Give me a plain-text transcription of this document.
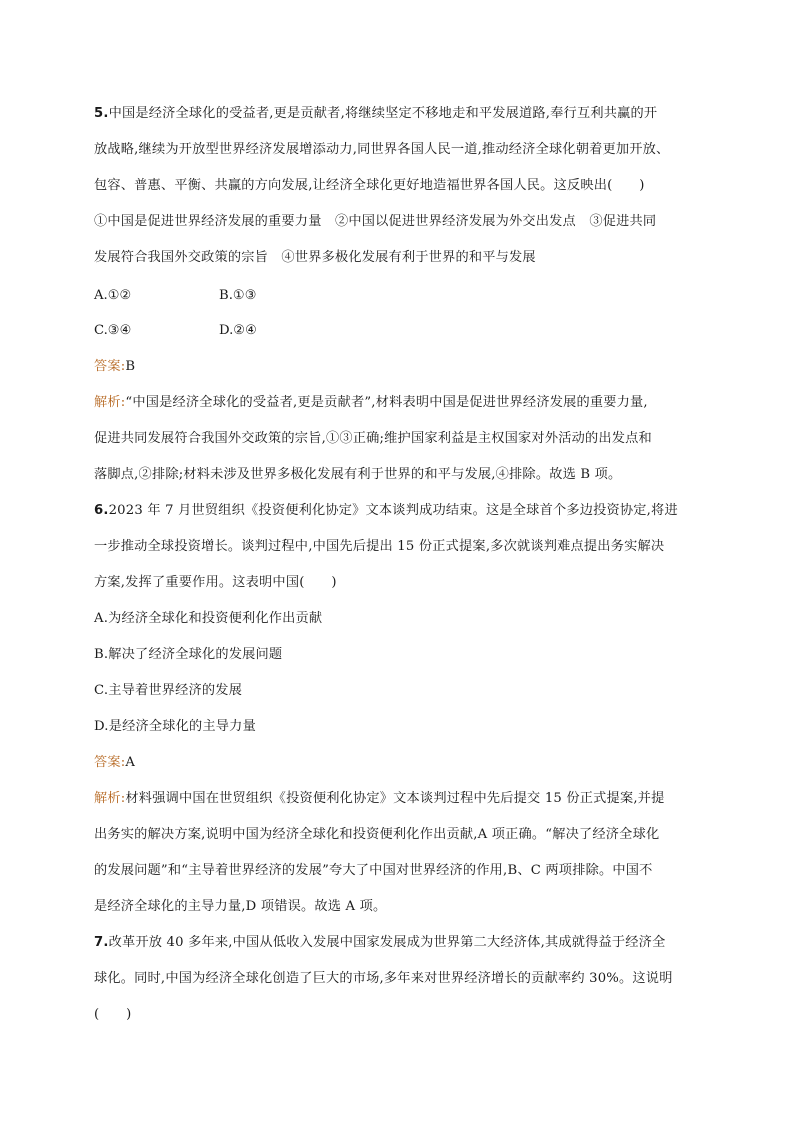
5.中国是经济全球化的受益者,更是贡献者,将继续坚定不移地走和平发展道路,奉行互利共赢的开
放战略,继续为开放型世界经济发展增添动力,同世界各国人民一道,推动经济全球化朝着更加开放、
包容、普惠、平衡、共赢的方向发展,让经济全球化更好地造福世界各国人民。这反映出(　　)
①中国是促进世界经济发展的重要力量　②中国以促进世界经济发展为外交出发点　③促进共同
发展符合我国外交政策的宗旨　④世界多极化发展有利于世界的和平与发展
A.①②	B.①③
C.③④	D.②④
答案:B
解析:“中国是经济全球化的受益者,更是贡献者”,材料表明中国是促进世界经济发展的重要力量,
促进共同发展符合我国外交政策的宗旨,①③正确;维护国家利益是主权国家对外活动的出发点和
落脚点,②排除;材料未涉及世界多极化发展有利于世界的和平与发展,④排除。故选 B 项。
6.2023 年 7 月世贸组织《投资便利化协定》文本谈判成功结束。这是全球首个多边投资协定,将进
一步推动全球投资增长。谈判过程中,中国先后提出 15 份正式提案,多次就谈判难点提出务实解决
方案,发挥了重要作用。这表明中国(　　)
A.为经济全球化和投资便利化作出贡献
B.解决了经济全球化的发展问题
C.主导着世界经济的发展
D.是经济全球化的主导力量
答案:A
解析:材料强调中国在世贸组织《投资便利化协定》文本谈判过程中先后提交 15 份正式提案,并提
出务实的解决方案,说明中国为经济全球化和投资便利化作出贡献,A 项正确。“解决了经济全球化
的发展问题”和“主导着世界经济的发展”夸大了中国对世界经济的作用,B、C 两项排除。中国不
是经济全球化的主导力量,D 项错误。故选 A 项。
7.改革开放 40 多年来,中国从低收入发展中国家发展成为世界第二大经济体,其成就得益于经济全
球化。同时,中国为经济全球化创造了巨大的市场,多年来对世界经济增长的贡献率约 30%。这说明
(　　)
